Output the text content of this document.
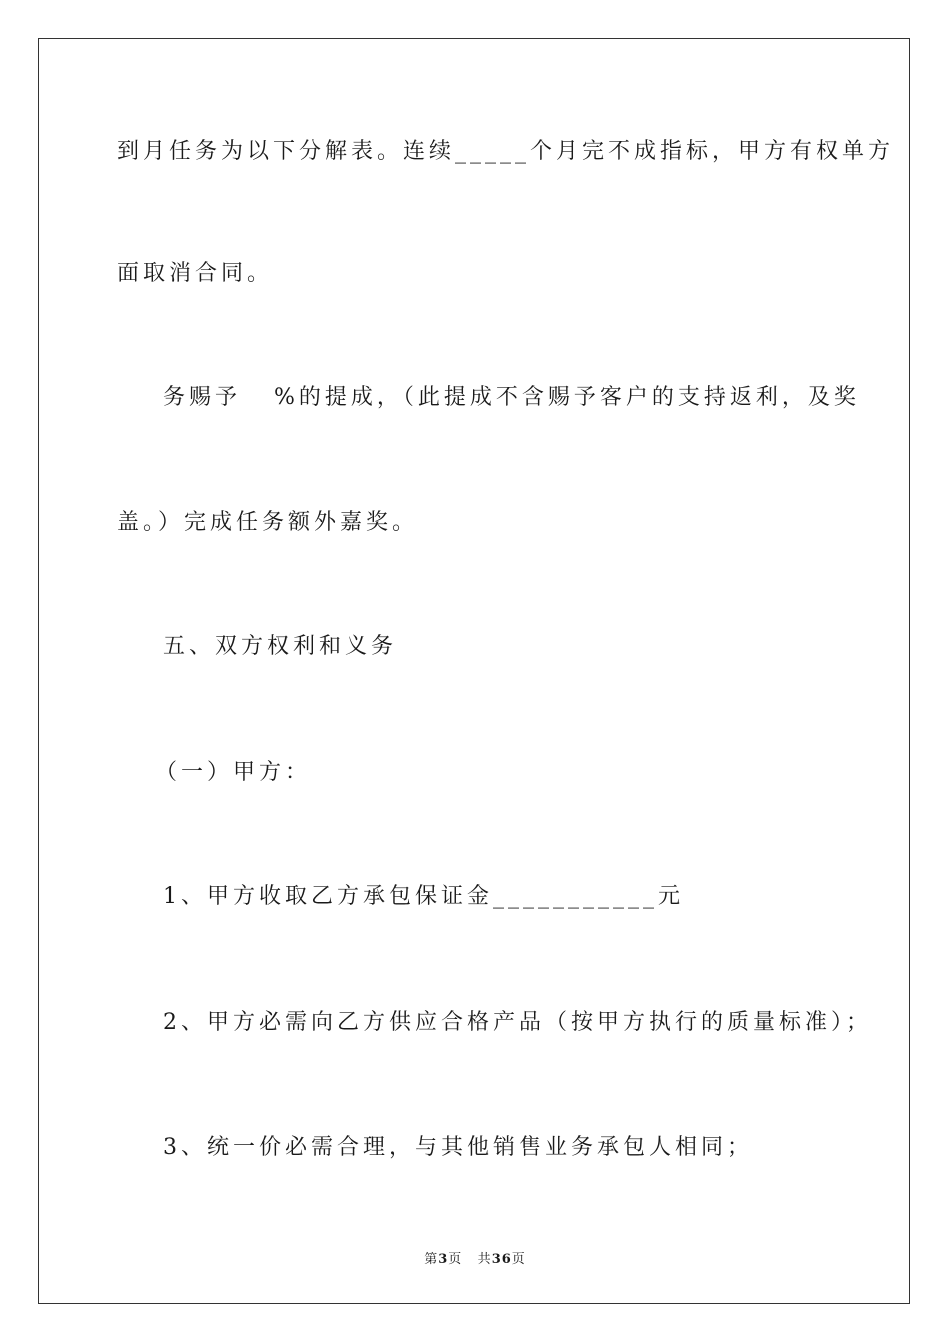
到月任务为以下分解表。连续_____个月完不成指标，甲方有权单方
面取消合同。
务赐予   %的提成，（此提成不含赐予客户的支持返利，及奖
盖。）完成任务额外嘉奖。
五、双方权利和义务
（一）甲方：
1、甲方收取乙方承包保证金___________元
2、甲方必需向乙方供应合格产品（按甲方执行的质量标准）；
3、统一价必需合理，与其他销售业务承包人相同；
第3页 共36页
